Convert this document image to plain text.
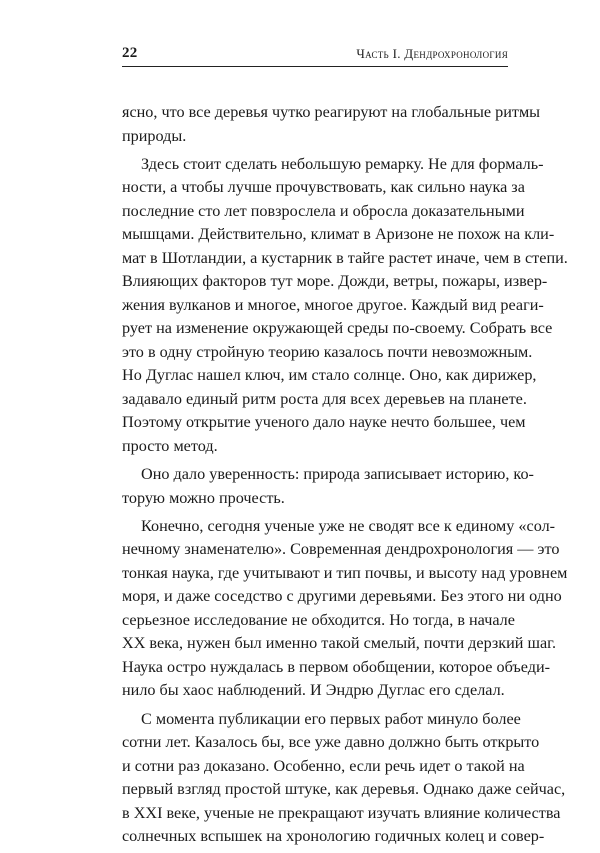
22	Часть I. Дендрохронология
ясно, что все деревья чутко реагируют на глобальные ритмы
природы.
Здесь стоит сделать небольшую ремарку. Не для формаль-
ности, а чтобы лучше прочувствовать, как сильно наука за
последние сто лет повзрослела и обросла доказательными
мышцами. Действительно, климат в Аризоне не похож на кли-
мат в Шотландии, а кустарник в тайге растет иначе, чем в степи.
Влияющих факторов тут море. Дожди, ветры, пожары, извер-
жения вулканов и многое, многое другое. Каждый вид реаги-
рует на изменение окружающей среды по-своему. Собрать все
это в одну стройную теорию казалось почти невозможным.
Но Дуглас нашел ключ, им стало солнце. Оно, как дирижер,
задавало единый ритм роста для всех деревьев на планете.
Поэтому открытие ученого дало науке нечто большее, чем
просто метод.
Оно дало уверенность: природа записывает историю, ко-
торую можно прочесть.
Конечно, сегодня ученые уже не сводят все к единому «сол-
нечному знаменателю». Современная дендрохронология — это
тонкая наука, где учитывают и тип почвы, и высоту над уровнем
моря, и даже соседство с другими деревьями. Без этого ни одно
серьезное исследование не обходится. Но тогда, в начале
XX века, нужен был именно такой смелый, почти дерзкий шаг.
Наука остро нуждалась в первом обобщении, которое объеди-
нило бы хаос наблюдений. И Эндрю Дуглас его сделал.
С момента публикации его первых работ минуло более
сотни лет. Казалось бы, все уже давно должно быть открыто
и сотни раз доказано. Особенно, если речь идет о такой на
первый взгляд простой штуке, как деревья. Однако даже сейчас,
в XXI веке, ученые не прекращают изучать влияние количества
солнечных вспышек на хронологию годичных колец и совер-
